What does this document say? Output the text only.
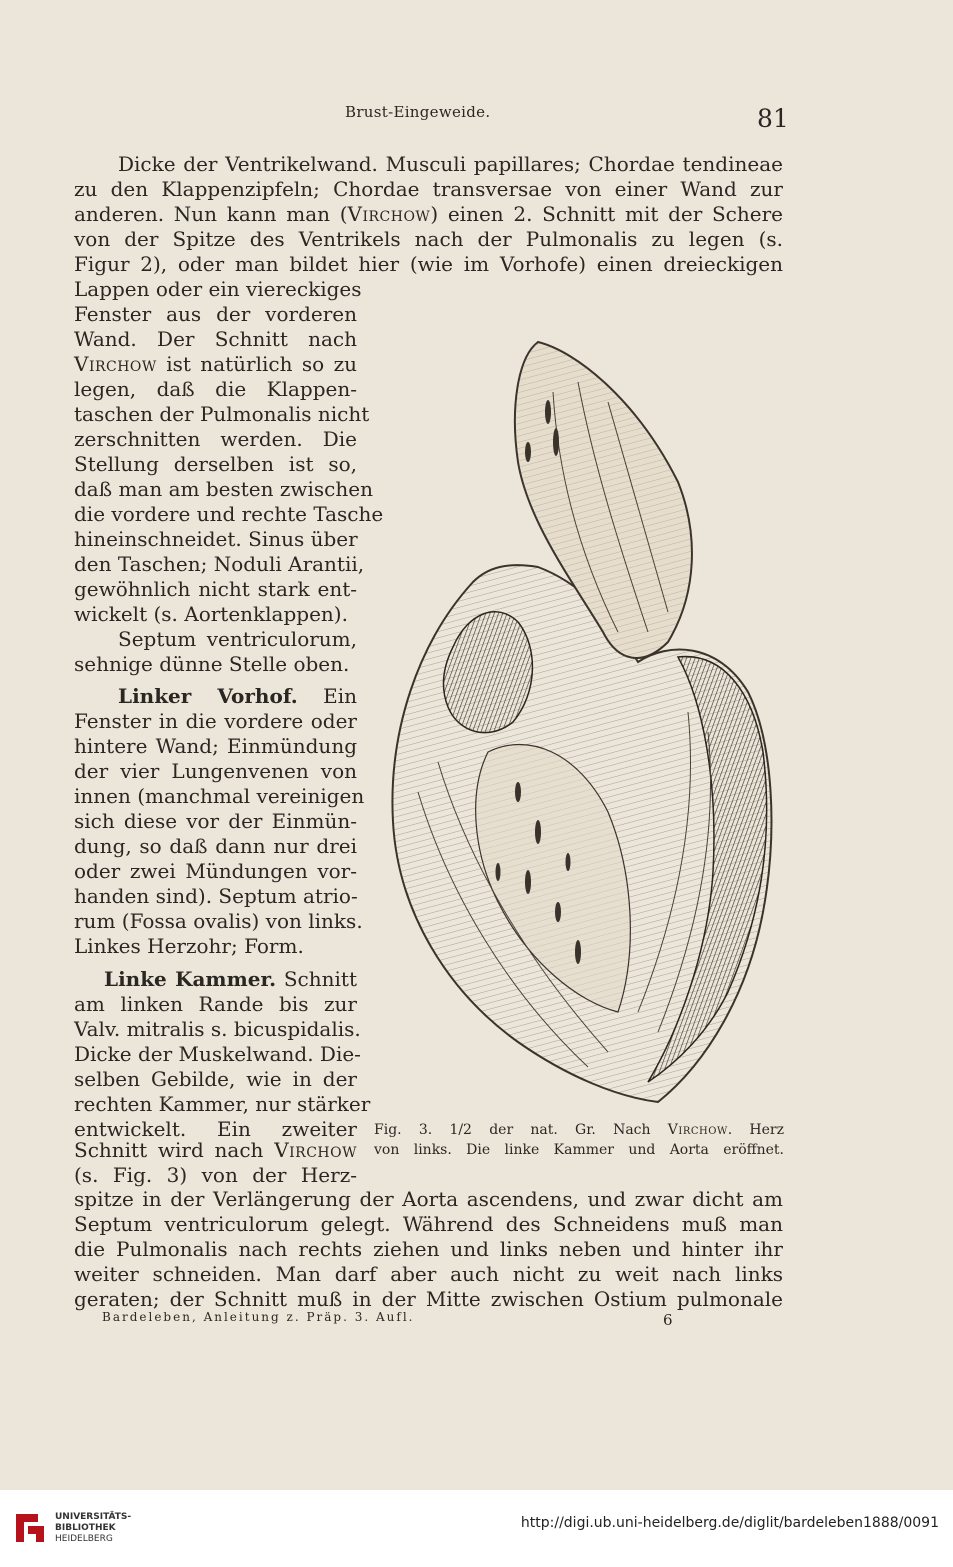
Brust-Eingeweide.	81
Dicke der Ventrikelwand. Musculi papillares; Chordae tendineae
zu den Klappenzipfeln; Chordae transversae von einer Wand zur
anderen. Nun kann man (Virchow) einen 2. Schnitt mit der Schere
von der Spitze des Ventrikels nach der Pulmonalis zu legen (s.
Figur 2), oder man bildet hier (wie im Vorhofe) einen dreieckigen
Lappen oder ein viereckiges
Fenster aus der vorderen
Wand. Der Schnitt nach
Virchow ist natürlich so zu
legen, daß die Klappen-
taschen der Pulmonalis nicht
zerschnitten werden. Die
Stellung derselben ist so,
daß man am besten zwischen
die vordere und rechte Tasche
hineinschneidet. Sinus über
den Taschen; Noduli Arantii,
gewöhnlich nicht stark ent-
wickelt (s. Aortenklappen).
Septum ventriculorum,
sehnige dünne Stelle oben.
Linker Vorhof. Ein
Fenster in die vordere oder
hintere Wand; Einmündung
der vier Lungenvenen von
innen (manchmal vereinigen
sich diese vor der Einmün-
dung, so daß dann nur drei
oder zwei Mündungen vor-
handen sind). Septum atrio-
rum (Fossa ovalis) von links.
Linkes Herzohr; Form.
Linke Kammer. Schnitt
am linken Rande bis zur
Valv. mitralis s. bicuspidalis.
Dicke der Muskelwand. Die-
selben Gebilde, wie in der
rechten Kammer, nur stärker
entwickelt. Ein zweiter
Schnitt wird nach Virchow
(s. Fig. 3) von der Herz-
spitze in der Verlängerung der Aorta ascendens, und zwar dicht am
Septum ventriculorum gelegt. Während des Schneidens muß man
die Pulmonalis nach rechts ziehen und links neben und hinter ihr
weiter schneiden. Man darf aber auch nicht zu weit nach links
geraten; der Schnitt muß in der Mitte zwischen Ostium pulmonale
Fig. 3. 1/2 der nat. Gr. Nach Virchow. Herz
von links. Die linke Kammer und Aorta eröffnet.
Bardeleben, Anleitung z. Präp. 3. Aufl.	6
UNIVERSITÄTS-
BIBLIOTHEK
HEIDELBERG
http://digi.ub.uni-heidelberg.de/diglit/bardeleben1888/0091
